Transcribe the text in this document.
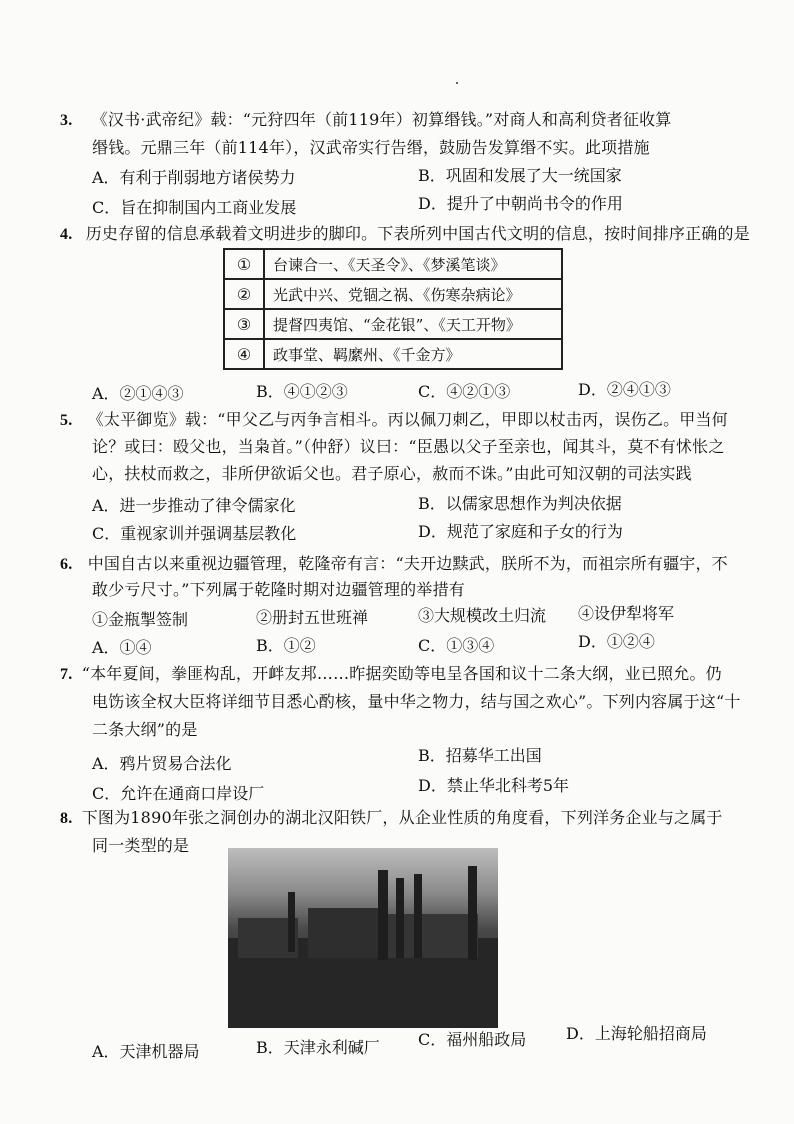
3. 《汉书·武帝纪》载：“元狩四年（前119年）初算缗钱。”对商人和高利贷者征收算
缗钱。元鼎三年（前114年），汉武帝实行告缗，鼓励告发算缗不实。此项措施
A．有利于削弱地方诸侯势力	B．巩固和发展了大一统国家
C．旨在抑制国内工商业发展	D．提升了中朝尚书令的作用
4. 历史存留的信息承载着文明进步的脚印。下表所列中国古代文明的信息，按时间排序正确的是
①	台谏合一、《天圣令》、《梦溪笔谈》
②	光武中兴、党锢之祸、《伤寒杂病论》
③	提督四夷馆、“金花银”、《天工开物》
④	政事堂、羁縻州、《千金方》
A．②①④③	B．④①②③	C．④②①③	D．②④①③
5. 《太平御览》载：“甲父乙与丙争言相斗。丙以佩刀刺乙，甲即以杖击丙，误伤乙。甲当何
论？或曰：殴父也，当枭首。”（仲舒）议曰：“臣愚以父子至亲也，闻其斗，莫不有怵怅之
心，扶杖而救之，非所伊欲诟父也。君子原心，赦而不诛。”由此可知汉朝的司法实践
A．进一步推动了律令儒家化	B．以儒家思想作为判决依据
C．重视家训并强调基层教化	D．规范了家庭和子女的行为
6. 中国自古以来重视边疆管理，乾隆帝有言：“夫开边黩武，朕所不为，而祖宗所有疆宇，不
敢少亏尺寸。”下列属于乾隆时期对边疆管理的举措有
①金瓶掣签制	②册封五世班禅	③大规模改土归流 ④设伊犁将军
A．①④	B．①②	C．①③④	D．①②④
7. “本年夏间，拳匪构乱，开衅友邦……昨据奕劻等电呈各国和议十二条大纲，业已照允。仍
电饬该全权大臣将详细节目悉心酌核，量中华之物力，结与国之欢心”。下列内容属于这“十
二条大纲”的是
A．鸦片贸易合法化	B．招募华工出国
C．允许在通商口岸设厂	D．禁止华北科考5年
8. 下图为1890年张之洞创办的湖北汉阳铁厂，从企业性质的角度看，下列洋务企业与之属于
同一类型的是
A．天津机器局	B．天津永利碱厂 C．福州船政局 D．上海轮船招商局
